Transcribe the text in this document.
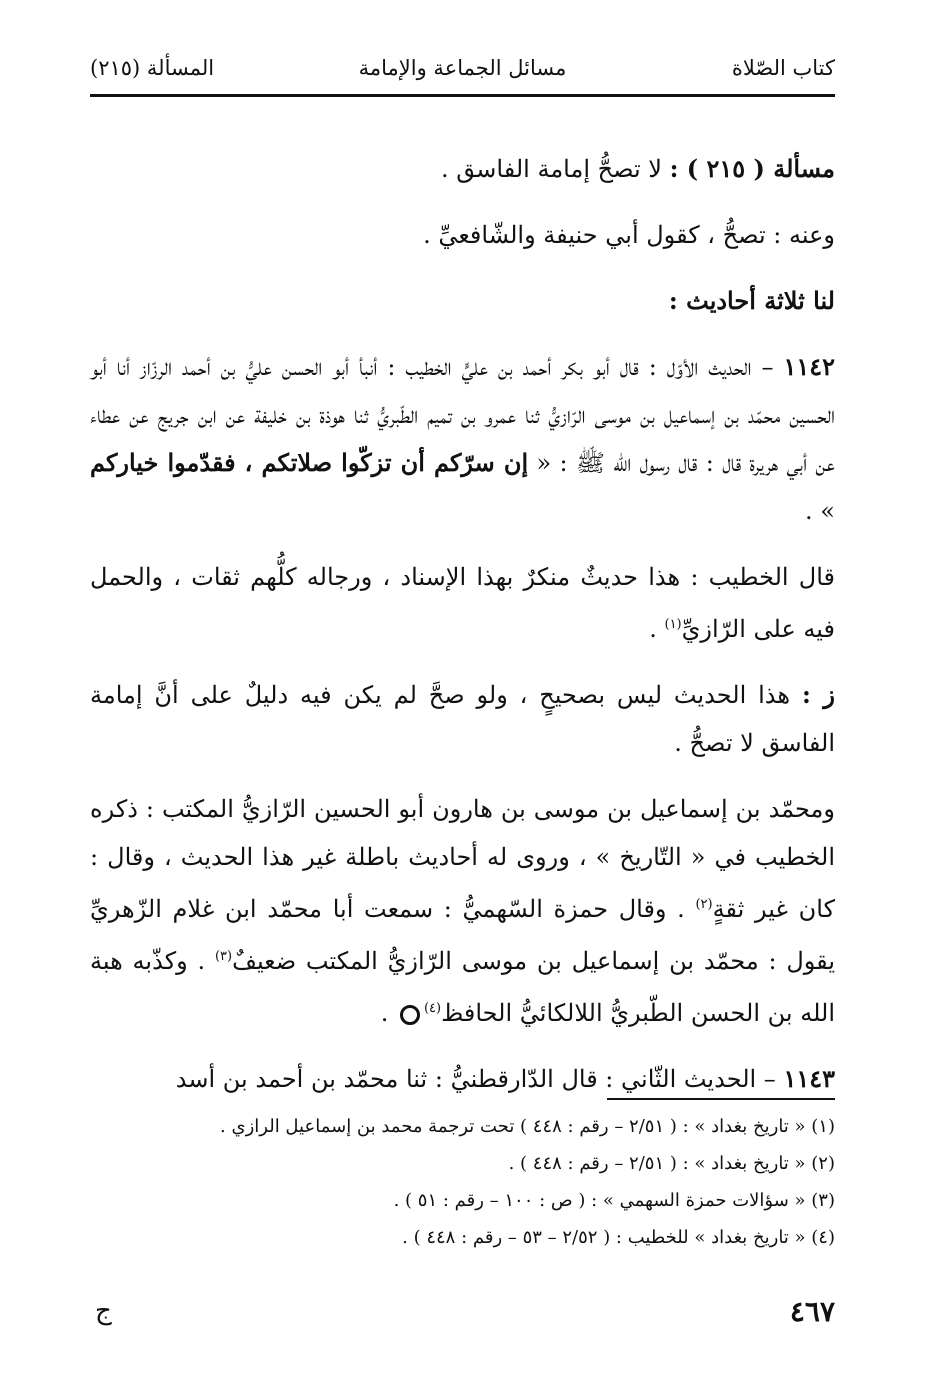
كتاب الصّلاة
مسائل الجماعة والإمامة
المسألة (٢١٥)

مسألة ( ٢١٥ ) : لا تصحُّ إمامة الفاسق .

وعنه : تصحُّ ، كقول أبي حنيفة والشّافعيِّ .

لنا ثلاثة أحاديث :

١١٤٢ – الحديث الأوّل : قال أبو بكر أحمد بن عليٍّ الخطيب : أنبأ أبو الحسن عليُّ بن أحمد الرزّاز أنا أبو الحسين محمّد بن إسماعيل بن موسى الرّازيُّ ثنا عمرو بن تميم الطّبريُّ ثنا هوذة بن خليفة عن ابن جريج عن عطاء عن أبي هريرة قال : قال رسول الله ﷺ : « إن سرّكم أن تزكّوا صلاتكم ، فقدّموا خياركم » .

قال الخطيب : هذا حديثٌ منكرٌ بهذا الإسناد ، ورجاله كلُّهم ثقات ، والحمل فيه على الرّازيِّ$^{(١)}$ .

ز : هذا الحديث ليس بصحيحٍ ، ولو صحَّ لم يكن فيه دليلٌ على أنَّ إمامة الفاسق لا تصحُّ .

ومحمّد بن إسماعيل بن موسى بن هارون أبو الحسين الرّازيُّ المكتب : ذكره الخطيب في « التّاريخ » ، وروى له أحاديث باطلة غير هذا الحديث ، وقال : كان غير ثقةٍ$^{(٢)}$ . وقال حمزة السّهميُّ : سمعت أبا محمّد ابن غلام الزّهريِّ يقول : محمّد بن إسماعيل بن موسى الرّازيُّ المكتب ضعيفٌ$^{(٣)}$ . وكذّبه هبة الله بن الحسن الطّبريُّ اللالكائيُّ الحافظ$^{(٤)}$ .

١١٤٣ – الحديث الثّاني : قال الدّارقطنيُّ : ثنا محمّد بن أحمد بن أسد

(١) « تاريخ بغداد » : ( ٢/٥١ – رقم : ٤٤٨ ) تحت ترجمة محمد بن إسماعيل الرازي .

(٢) « تاريخ بغداد » : ( ٢/٥١ – رقم : ٤٤٨ ) .

(٣) « سؤالات حمزة السهمي » : ( ص : ١٠٠ – رقم : ٥١ ) .

(٤) « تاريخ بغداد » للخطيب : ( ٢/٥٢ – ٥٣ – رقم : ٤٤٨ ) .

٤٦٧
ج
